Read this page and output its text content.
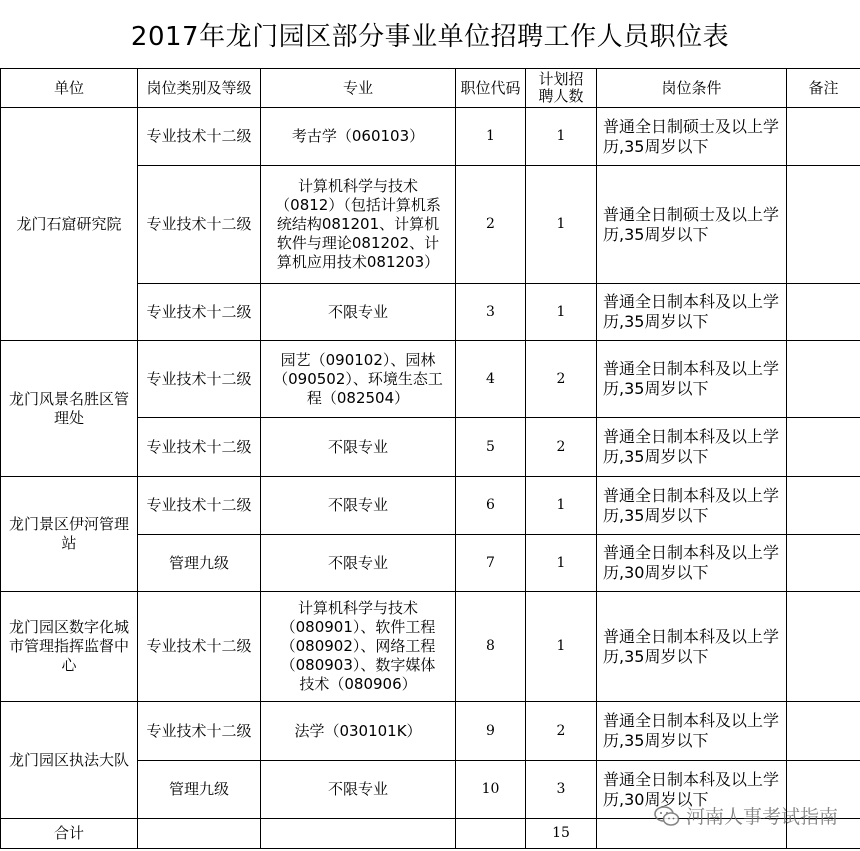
2017年龙门园区部分事业单位招聘工作人员职位表
单位	岗位类别及等级	专业	职位代码	计划招聘人数	岗位条件	备注
龙门石窟研究院	专业技术十二级	考古学（060103）	1	1	普通全日制硕士及以上学历,35周岁以下	
	专业技术十二级	计算机科学与技术（0812）（包括计算机系统结构081201、计算机软件与理论081202、计算机应用技术081203）	2	1	普通全日制硕士及以上学历,35周岁以下	
	专业技术十二级	不限专业	3	1	普通全日制本科及以上学历,35周岁以下	
龙门风景名胜区管理处	专业技术十二级	园艺（090102）、园林（090502）、环境生态工程（082504）	4	2	普通全日制本科及以上学历,35周岁以下	
	专业技术十二级	不限专业	5	2	普通全日制本科及以上学历,35周岁以下	
龙门景区伊河管理站	专业技术十二级	不限专业	6	1	普通全日制本科及以上学历,35周岁以下	
	管理九级	不限专业	7	1	普通全日制本科及以上学历,30周岁以下	
龙门园区数字化城市管理指挥监督中心	专业技术十二级	计算机科学与技术（080901）、软件工程（080902）、网络工程（080903）、数字媒体技术（080906）	8	1	普通全日制本科及以上学历,35周岁以下	
龙门园区执法大队	专业技术十二级	法学（030101K）	9	2	普通全日制本科及以上学历,35周岁以下	
	管理九级	不限专业	10	3	普通全日制本科及以上学历,30周岁以下	
合计				15		
河南人事考试指南
